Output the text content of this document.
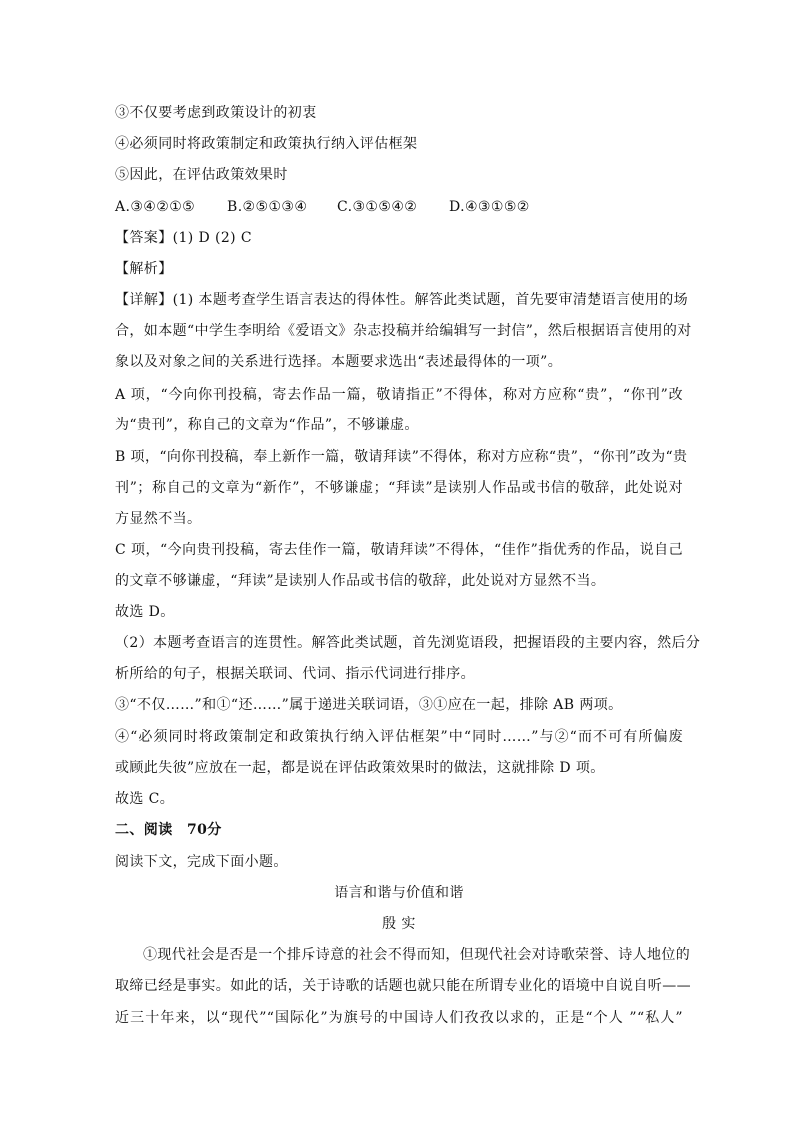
③不仅要考虑到政策设计的初衷
④必须同时将政策制定和政策执行纳入评估框架
⑤因此，在评估政策效果时
A.③④②①⑤ B.②⑤①③④ C.③①⑤④② D.④③①⑤②
【答案】(1) D (2) C
【解析】
【详解】(1) 本题考查学生语言表达的得体性。解答此类试题，首先要审清楚语言使用的场
合，如本题“中学生李明给《爱语文》杂志投稿并给编辑写一封信”，然后根据语言使用的对
象以及对象之间的关系进行选择。本题要求选出“表述最得体的一项”。
A 项，“今向你刊投稿，寄去作品一篇，敬请指正”不得体，称对方应称“贵”，“你刊”改
为“贵刊”，称自己的文章为“作品”，不够谦虚。
B 项，“向你刊投稿，奉上新作一篇，敬请拜读”不得体，称对方应称“贵”，“你刊”改为“贵
刊”；称自己的文章为“新作”，不够谦虚；“拜读”是读别人作品或书信的敬辞，此处说对
方显然不当。
C 项，“今向贵刊投稿，寄去佳作一篇，敬请拜读”不得体，“佳作”指优秀的作品，说自己
的文章不够谦虚，“拜读”是读别人作品或书信的敬辞，此处说对方显然不当。
故选 D。
（2）本题考查语言的连贯性。解答此类试题，首先浏览语段，把握语段的主要内容，然后分
析所给的句子，根据关联词、代词、指示代词进行排序。
③“不仅……”和①“还……”属于递进关联词语，③①应在一起，排除 AB 两项。
④“必须同时将政策制定和政策执行纳入评估框架”中“同时……”与②“而不可有所偏废
或顾此失彼”应放在一起，都是说在评估政策效果时的做法，这就排除 D 项。
故选 C。
二、阅读　70分
阅读下文，完成下面小题。
语言和谐与价值和谐
殷 实
①现代社会是否是一个排斥诗意的社会不得而知，但现代社会对诗歌荣誉、诗人地位的
取缔已经是事实。如此的话，关于诗歌的话题也就只能在所谓专业化的语境中自说自听——
近三十年来，以“现代”“国际化”为旗号的中国诗人们孜孜以求的，正是“个人 ”“私人”
